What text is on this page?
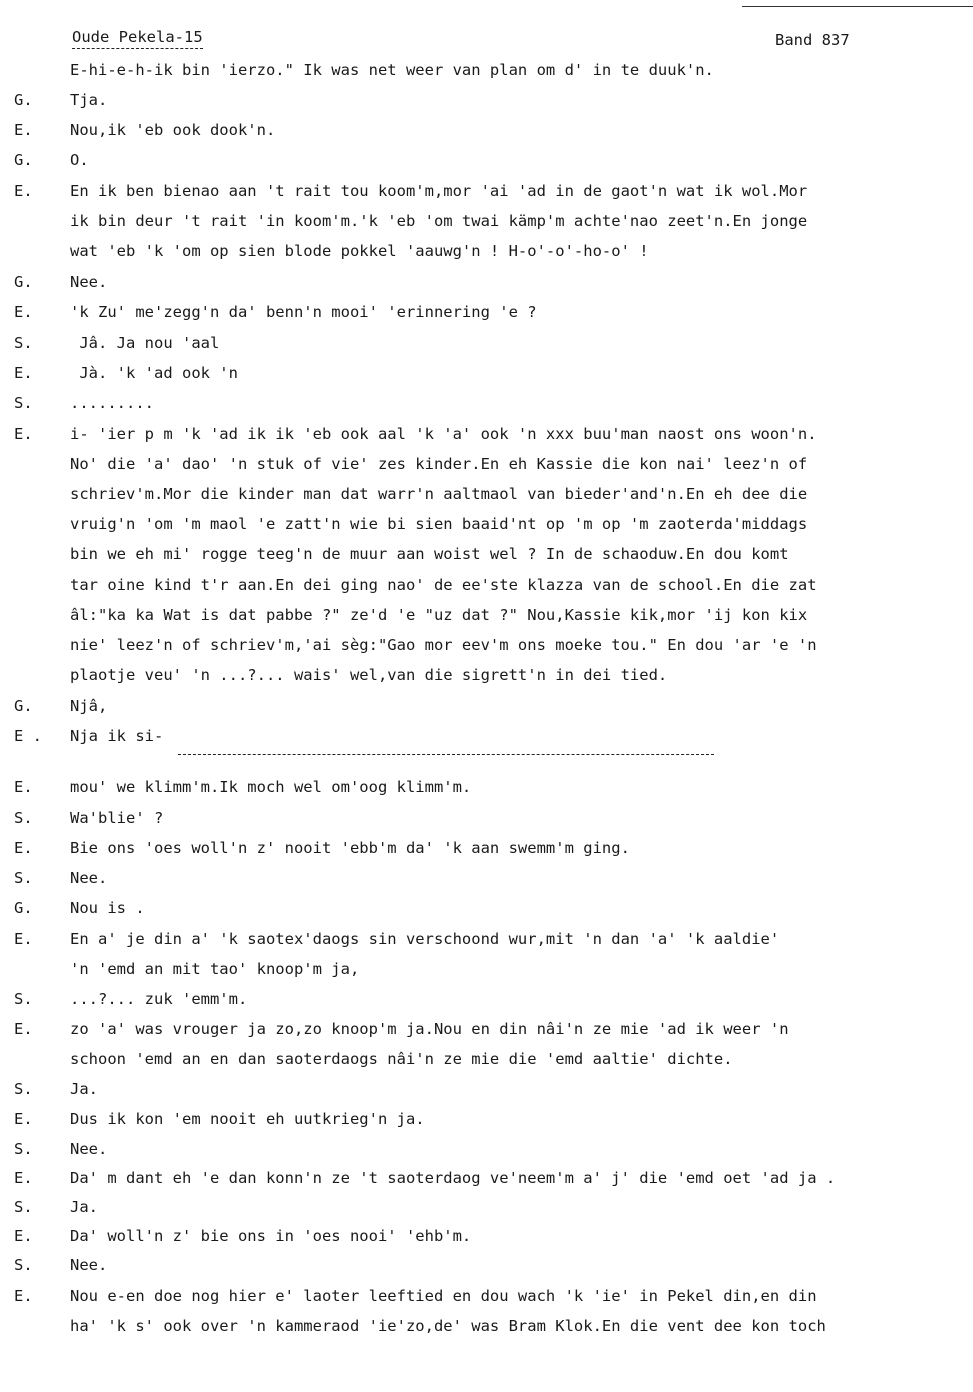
Oude Pekela-15	Band 837
E-hi-e-h-ik bin 'ierzo." Ik was net weer van plan om d' in te duuk'n.
G.	Tja.
E.	Nou,ik 'eb ook dook'n.
G.	O.
E.	En ik ben bienao aan 't rait tou koom'm,mor 'ai 'ad in de gaot'n wat ik wol.Mor
ik bin deur 't rait 'in koom'm.'k 'eb 'om twai kämp'm achte'nao zeet'n.En jonge
wat 'eb 'k 'om op sien blode pokkel 'aauwg'n ! H-o'-o'-ho-o' !
G.	Nee.
E.	'k Zu' me'zegg'n da' benn'n mooi' 'erinnering 'e ?
S.	Jâ. Ja nou 'aal
E.	Jà. 'k 'ad ook 'n
S.	.........
E.	i- 'ier p m 'k 'ad ik ik 'eb ook aal 'k 'a' ook 'n xxx buu'man naost ons woon'n.
No' die 'a' dao' 'n stuk of vie' zes kinder.En eh Kassie die kon nai' leez'n of
schriev'm.Mor die kinder man dat warr'n aaltmaol van bieder'and'n.En eh dee die
vruig'n 'om 'm maol 'e zatt'n wie bi sien baaid'nt op 'm op 'm zaoterda'middags
bin we eh mi' rogge teeg'n de muur aan woist wel ? In de schaoduw.En dou komt
tar oine kind t'r aan.En dei ging nao' de ee'ste klazza van de school.En die zat
âl:"ka ka Wat is dat pabbe ?" ze'd 'e "uz dat ?" Nou,Kassie kik,mor 'ij kon kix
nie' leez'n of schriev'm,'ai sèg:"Gao mor eev'm ons moeke tou." En dou 'ar 'e 'n
plaotje veu' 'n ...?... wais' wel,van die sigrett'n in dei tied.
G.	Njâ,
E .	Nja ik si-
E.	mou' we klimm'm.Ik moch wel om'oog klimm'm.
S.	Wa'blie' ?
E.	Bie ons 'oes woll'n z' nooit 'ebb'm da' 'k aan swemm'm ging.
S.	Nee.
G.	Nou is .
E.	En a' je din a' 'k saotex'daogs sin verschoond wur,mit 'n dan 'a' 'k aaldie'
'n 'emd an mit tao' knoop'm ja,
S.	...?... zuk 'emm'm.
E.	zo 'a' was vrouger ja zo,zo knoop'm ja.Nou en din nâi'n ze mie 'ad ik weer 'n
schoon 'emd an en dan saoterdaogs nâi'n ze mie die 'emd aaltie' dichte.
S.	Ja.
E.	Dus ik kon 'em nooit eh uutkrieg'n ja.
S.	Nee.
E.	Da' m dant eh 'e dan konn'n ze 't saoterdaog ve'neem'm a' j' die 'emd oet 'ad ja .
S.	Ja.
E.	Da' woll'n z' bie ons in 'oes nooi' 'ehb'm.
S.	Nee.
E.	Nou e-en doe nog hier e' laoter leeftied en dou wach 'k 'ie' in Pekel din,en din
ha' 'k s' ook over 'n kammeraod 'ie'zo,de' was Bram Klok.En die vent dee kon toch
